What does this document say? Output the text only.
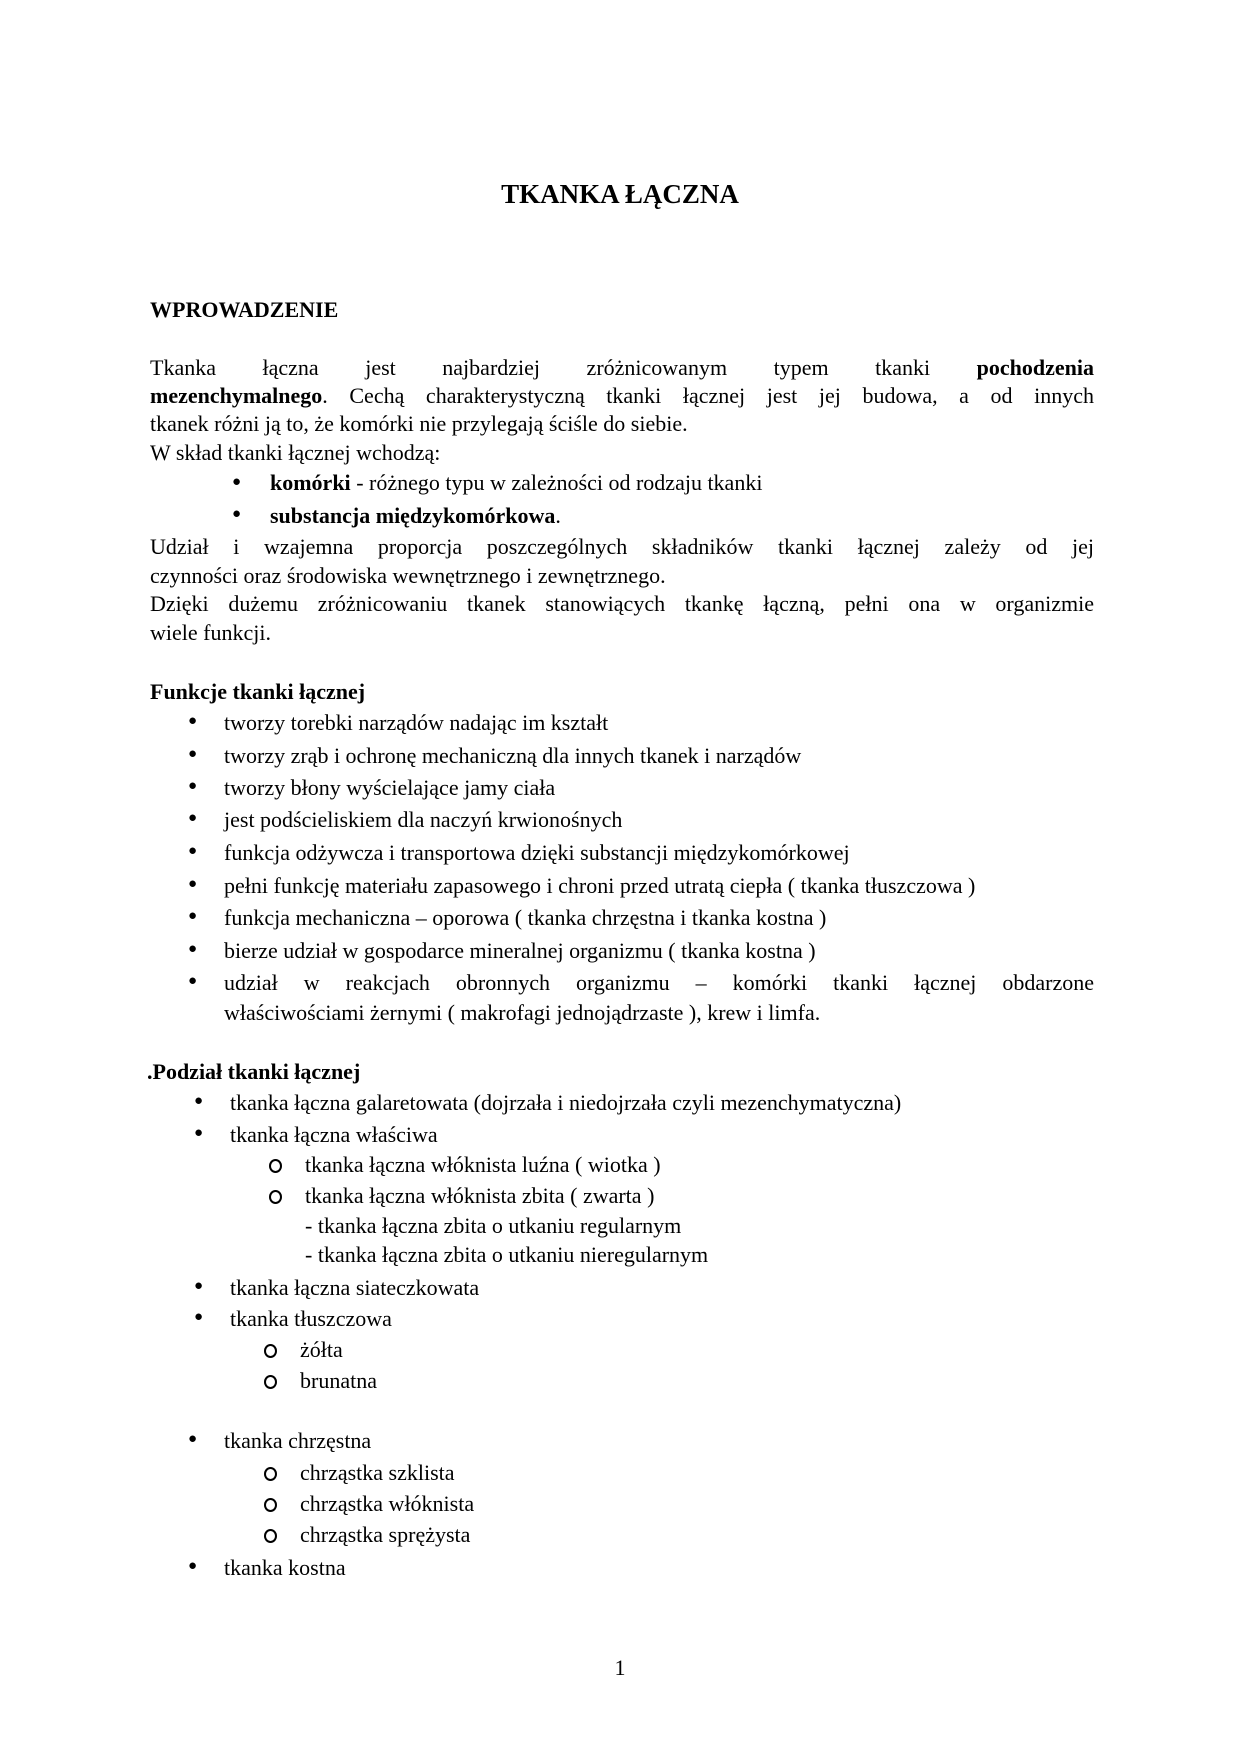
TKANKA ŁĄCZNA
WPROWADZENIE
Tkanka łączna jest najbardziej zróżnicowanym typem tkanki pochodzenia
mezenchymalnego. Cechą charakterystyczną tkanki łącznej jest jej budowa, a od innych
tkanek różni ją to, że komórki nie przylegają ściśle do siebie.
W skład tkanki łącznej wchodzą:
● komórki - różnego typu w zależności od rodzaju tkanki
● substancja międzykomórkowa.
Udział i wzajemna proporcja poszczególnych składników tkanki łącznej zależy od jej
czynności oraz środowiska wewnętrznego i zewnętrznego.
Dzięki dużemu zróżnicowaniu tkanek stanowiących tkankę łączną, pełni ona w organizmie
wiele funkcji.
Funkcje tkanki łącznej
● tworzy torebki narządów nadając im kształt
● tworzy zrąb i ochronę mechaniczną dla innych tkanek i narządów
● tworzy błony wyścielające jamy ciała
● jest podścieliskiem dla naczyń krwionośnych
● funkcja odżywcza i transportowa dzięki substancji międzykomórkowej
● pełni funkcję materiału zapasowego i chroni przed utratą ciepła ( tkanka tłuszczowa )
● funkcja mechaniczna – oporowa ( tkanka chrzęstna i tkanka kostna )
● bierze udział w gospodarce mineralnej organizmu ( tkanka kostna )
● udział w reakcjach obronnych organizmu – komórki tkanki łącznej obdarzone
właściwościami żernymi ( makrofagi jednojądrzaste ), krew i limfa.
.Podział tkanki łącznej
● tkanka łączna galaretowata (dojrzała i niedojrzała czyli mezenchymatyczna)
● tkanka łączna właściwa
tkanka łączna włóknista luźna ( wiotka )
tkanka łączna włóknista zbita ( zwarta )
- tkanka łączna zbita o utkaniu regularnym
- tkanka łączna zbita o utkaniu nieregularnym
● tkanka łączna siateczkowata
● tkanka tłuszczowa
żółta
brunatna
● tkanka chrzęstna
chrząstka szklista
chrząstka włóknista
chrząstka sprężysta
● tkanka kostna
1
